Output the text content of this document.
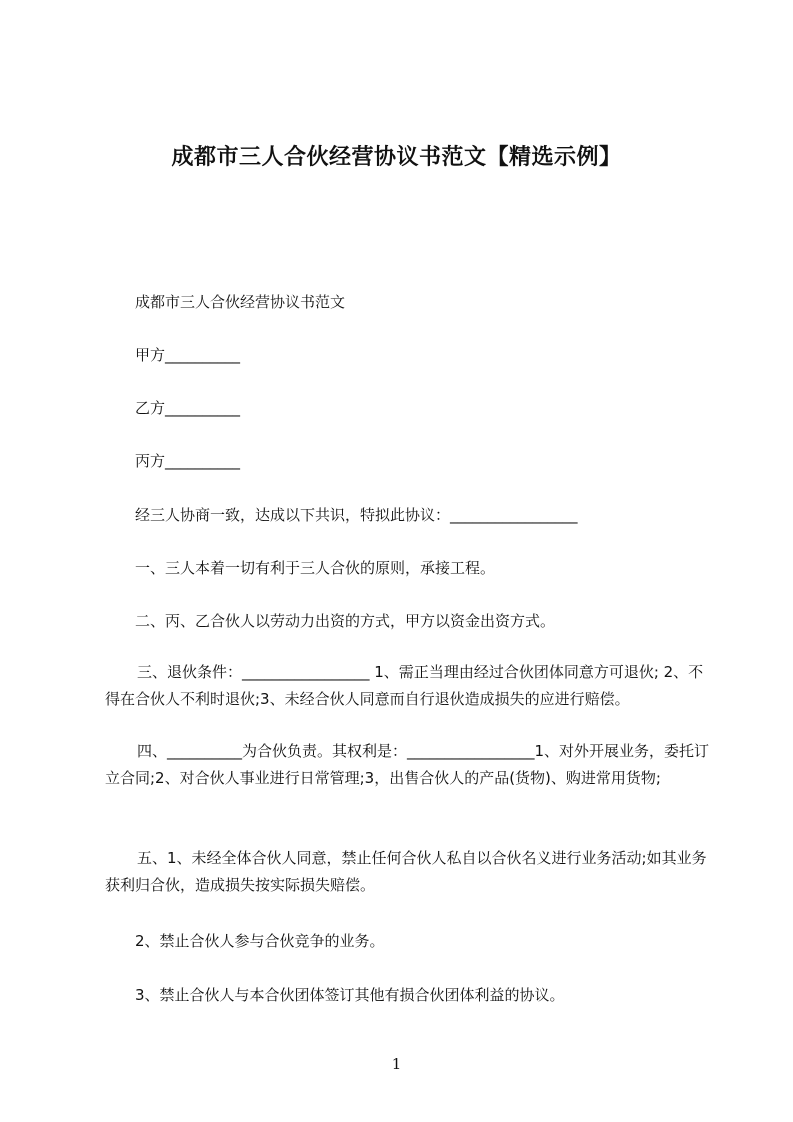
成都市三人合伙经营协议书范文【精选示例】
成都市三人合伙经营协议书范文
甲方__________
乙方__________
丙方__________
经三人协商一致，达成以下共识，特拟此协议：_________________
一、三人本着一切有利于三人合伙的原则，承接工程。
二、丙、乙合伙人以劳动力出资的方式，甲方以资金出资方式。
三、退伙条件：_________________ 1、需正当理由经过合伙团体同意方可退伙; 2、不得在合伙人不利时退伙;3、未经合伙人同意而自行退伙造成损失的应进行赔偿。
四、__________为合伙负责。其权利是：_________________1、对外开展业务，委托订立合同;2、对合伙人事业进行日常管理;3，出售合伙人的产品(货物)、购进常用货物;
五、1、未经全体合伙人同意，禁止任何合伙人私自以合伙名义进行业务活动;如其业务获利归合伙，造成损失按实际损失赔偿。
2、禁止合伙人参与合伙竞争的业务。
3、禁止合伙人与本合伙团体签订其他有损合伙团体利益的协议。
1
